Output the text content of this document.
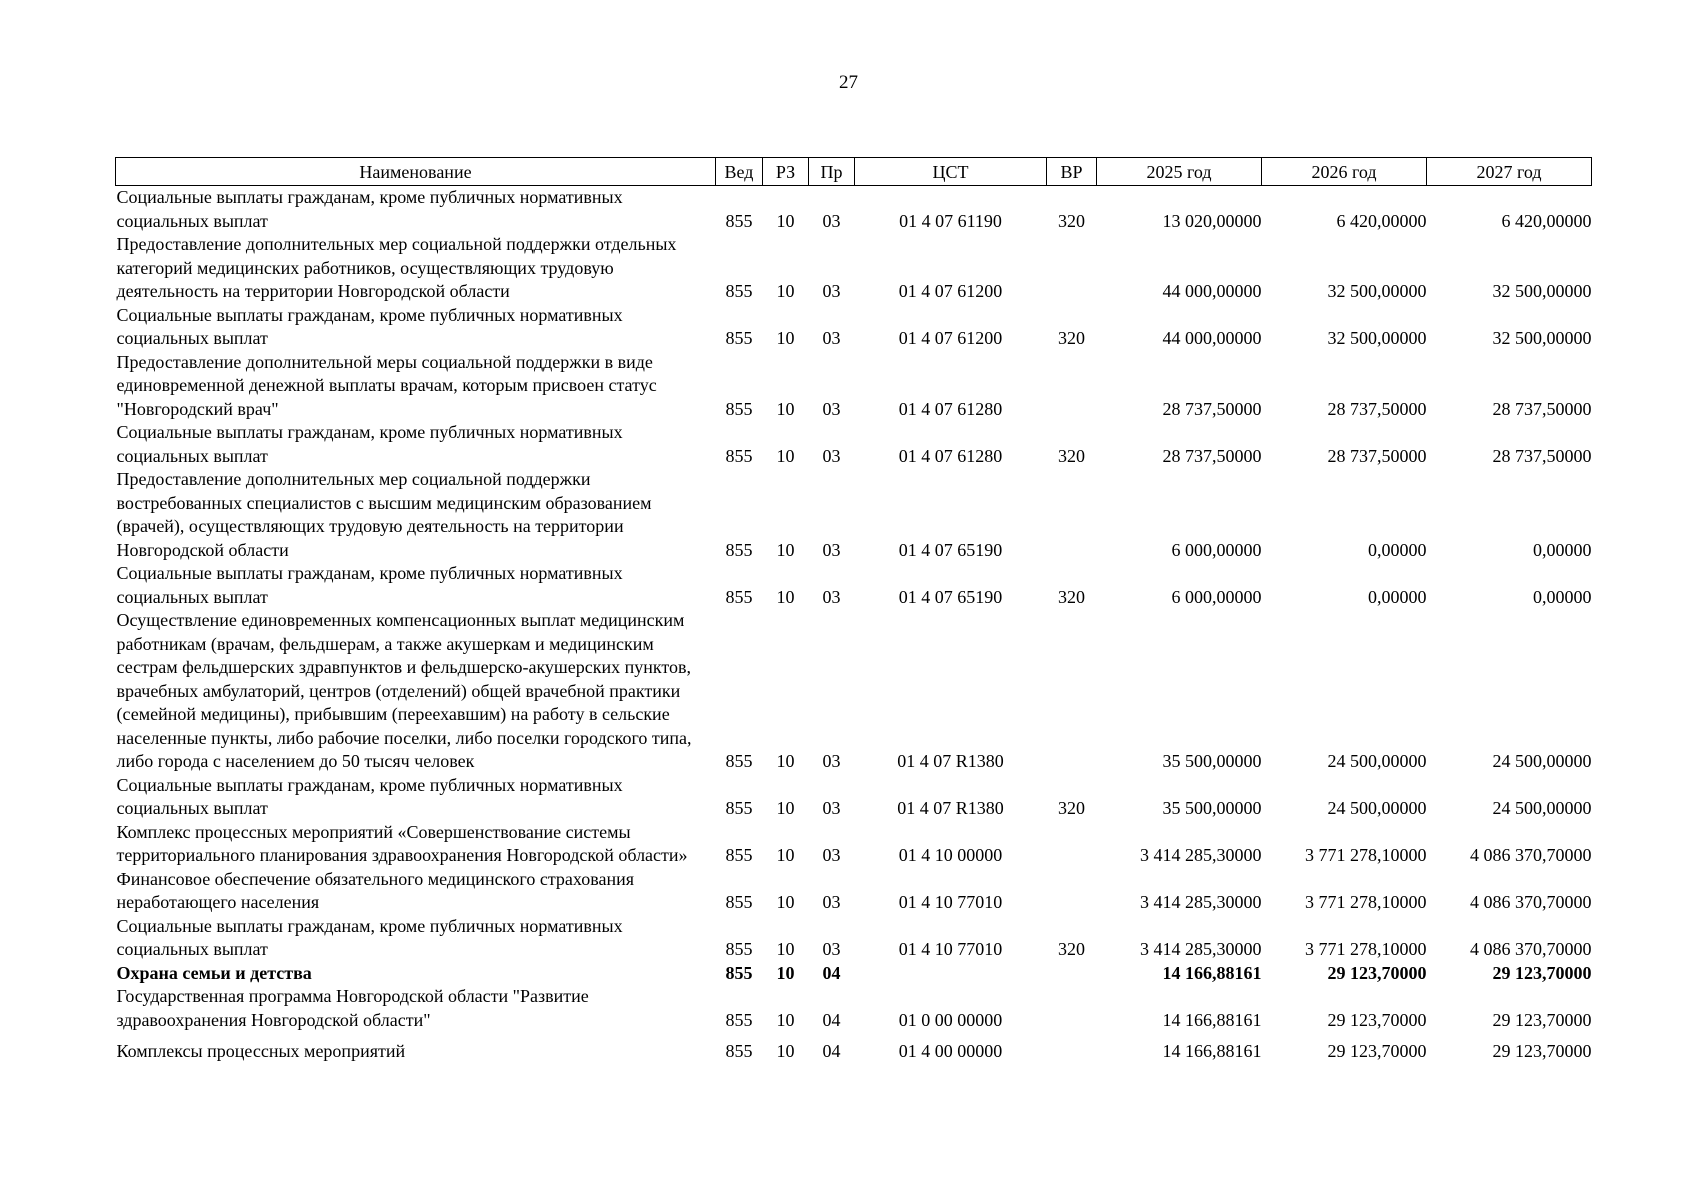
27
Наименование	Вед	РЗ	Пр	ЦСТ	ВР	2025 год	2026 год	2027 год
Социальные выплаты гражданам, кроме публичных нормативных социальных выплат	855	10	03	01 4 07 61190	320	13 020,00000	6 420,00000	6 420,00000
Предоставление дополнительных мер социальной поддержки отдельных категорий медицинских работников, осуществляющих трудовую деятельность на территории Новгородской области	855	10	03	01 4 07 61200		44 000,00000	32 500,00000	32 500,00000
Социальные выплаты гражданам, кроме публичных нормативных социальных выплат	855	10	03	01 4 07 61200	320	44 000,00000	32 500,00000	32 500,00000
Предоставление дополнительной меры социальной поддержки в виде единовременной денежной выплаты врачам, которым присвоен статус "Новгородский врач"	855	10	03	01 4 07 61280		28 737,50000	28 737,50000	28 737,50000
Социальные выплаты гражданам, кроме публичных нормативных социальных выплат	855	10	03	01 4 07 61280	320	28 737,50000	28 737,50000	28 737,50000
Предоставление дополнительных мер социальной поддержки востребованных специалистов с высшим медицинским образованием (врачей), осуществляющих трудовую деятельность на территории Новгородской области	855	10	03	01 4 07 65190		6 000,00000	0,00000	0,00000
Социальные выплаты гражданам, кроме публичных нормативных социальных выплат	855	10	03	01 4 07 65190	320	6 000,00000	0,00000	0,00000
Осуществление единовременных компенсационных выплат медицинским работникам (врачам, фельдшерам, а также акушеркам и медицинским сестрам фельдшерских здравпунктов и фельдшерско-акушерских пунктов, врачебных амбулаторий, центров (отделений) общей врачебной практики (семейной медицины), прибывшим (переехавшим) на работу в сельские населенные пункты, либо рабочие поселки, либо поселки городского типа, либо города с населением до 50 тысяч человек	855	10	03	01 4 07 R1380		35 500,00000	24 500,00000	24 500,00000
Социальные выплаты гражданам, кроме публичных нормативных социальных выплат	855	10	03	01 4 07 R1380	320	35 500,00000	24 500,00000	24 500,00000
Комплекс процессных мероприятий «Совершенствование системы территориального планирования здравоохранения Новгородской области»	855	10	03	01 4 10 00000		3 414 285,30000	3 771 278,10000	4 086 370,70000
Финансовое обеспечение обязательного медицинского страхования неработающего населения	855	10	03	01 4 10 77010		3 414 285,30000	3 771 278,10000	4 086 370,70000
Социальные выплаты гражданам, кроме публичных нормативных социальных выплат	855	10	03	01 4 10 77010	320	3 414 285,30000	3 771 278,10000	4 086 370,70000
Охрана семьи и детства	855	10	04			14 166,88161	29 123,70000	29 123,70000
Государственная программа Новгородской области "Развитие здравоохранения Новгородской области"	855	10	04	01 0 00 00000		14 166,88161	29 123,70000	29 123,70000
Комплексы процессных мероприятий	855	10	04	01 4 00 00000		14 166,88161	29 123,70000	29 123,70000
